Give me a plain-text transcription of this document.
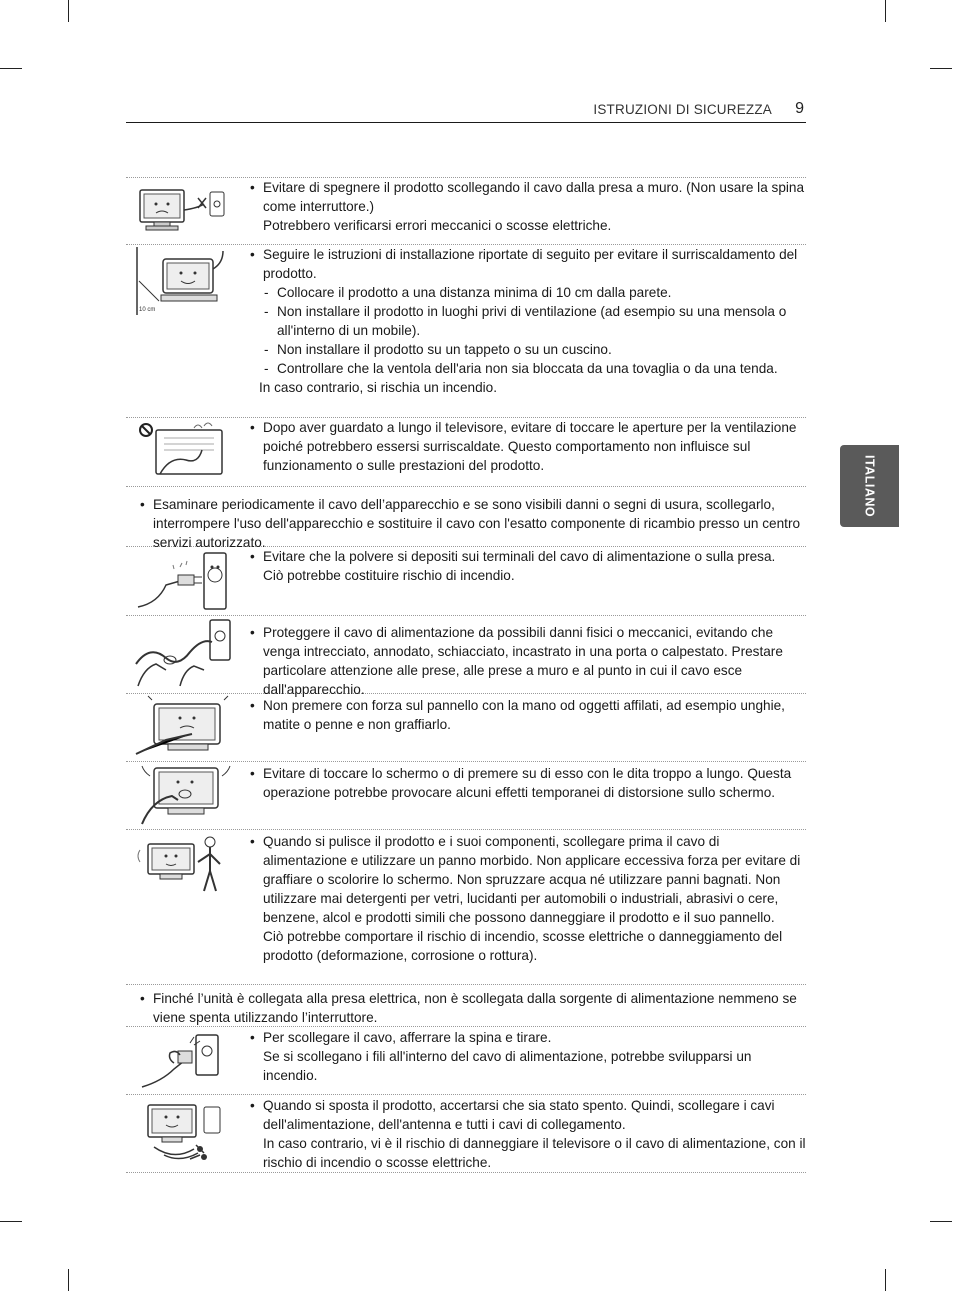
ISTRUZIONI DI SICUREZZA 9
ITALIANO
• Evitare di spegnere il prodotto scollegando il cavo dalla presa a muro. (Non usare la spina come interruttore.)
Potrebbero verificarsi errori meccanici o scosse elettriche.
10 cm
• Seguire le istruzioni di installazione riportate di seguito per evitare il surriscaldamento del prodotto.
- Collocare il prodotto a una distanza minima di 10 cm dalla parete.
- Non installare il prodotto in luoghi privi di ventilazione (ad esempio su una mensola o all'interno di un mobile).
- Non installare il prodotto su un tappeto o su un cuscino.
- Controllare che la ventola dell'aria non sia bloccata da una tovaglia o da una tenda.
In caso contrario, si rischia un incendio.
• Dopo aver guardato a lungo il televisore, evitare di toccare le aperture per la ventilazione poiché potrebbero essersi surriscaldate. Questo comportamento non influisce sul funzionamento o sulle prestazioni del prodotto.
• Esaminare periodicamente il cavo dell’apparecchio e se sono visibili danni o segni di usura, scollegarlo, interrompere l'uso dell'apparecchio e sostituire il cavo con l'esatto componente di ricambio presso un centro servizi autorizzato.
• Evitare che la polvere si depositi sui terminali del cavo di alimentazione o sulla presa.
Ciò potrebbe costituire rischio di incendio.
• Proteggere il cavo di alimentazione da possibili danni fisici o meccanici, evitando che venga intrecciato, annodato, schiacciato, incastrato in una porta o calpestato. Prestare particolare attenzione alle prese, alle prese a muro e al punto in cui il cavo esce dall'apparecchio.
• Non premere con forza sul pannello con la mano od oggetti affilati, ad esempio unghie, matite o penne e non graffiarlo.
• Evitare di toccare lo schermo o di premere su di esso con le dita troppo a lungo. Questa operazione potrebbe provocare alcuni effetti temporanei di distorsione sullo schermo.
• Quando si pulisce il prodotto e i suoi componenti, scollegare prima il cavo di alimentazione e utilizzare un panno morbido. Non applicare eccessiva forza per evitare di graffiare o scolorire lo schermo. Non spruzzare acqua né utilizzare panni bagnati. Non utilizzare mai detergenti per vetri, lucidanti per automobili o industriali, abrasivi o cere, benzene, alcol e prodotti simili che possono danneggiare il prodotto e il suo pannello.
Ciò potrebbe comportare il rischio di incendio, scosse elettriche o danneggiamento del prodotto (deformazione, corrosione o rottura).
• Finché l’unità è collegata alla presa elettrica, non è scollegata dalla sorgente di alimentazione nemmeno se viene spenta utilizzando l’interruttore.
• Per scollegare il cavo, afferrare la spina e tirare.
Se si scollegano i fili all'interno del cavo di alimentazione, potrebbe svilupparsi un incendio.
• Quando si sposta il prodotto, accertarsi che sia stato spento. Quindi, scollegare i cavi dell'alimentazione, dell'antenna e tutti i cavi di collegamento.
In caso contrario, vi è il rischio di danneggiare il televisore o il cavo di alimentazione, con il rischio di incendio o scosse elettriche.
